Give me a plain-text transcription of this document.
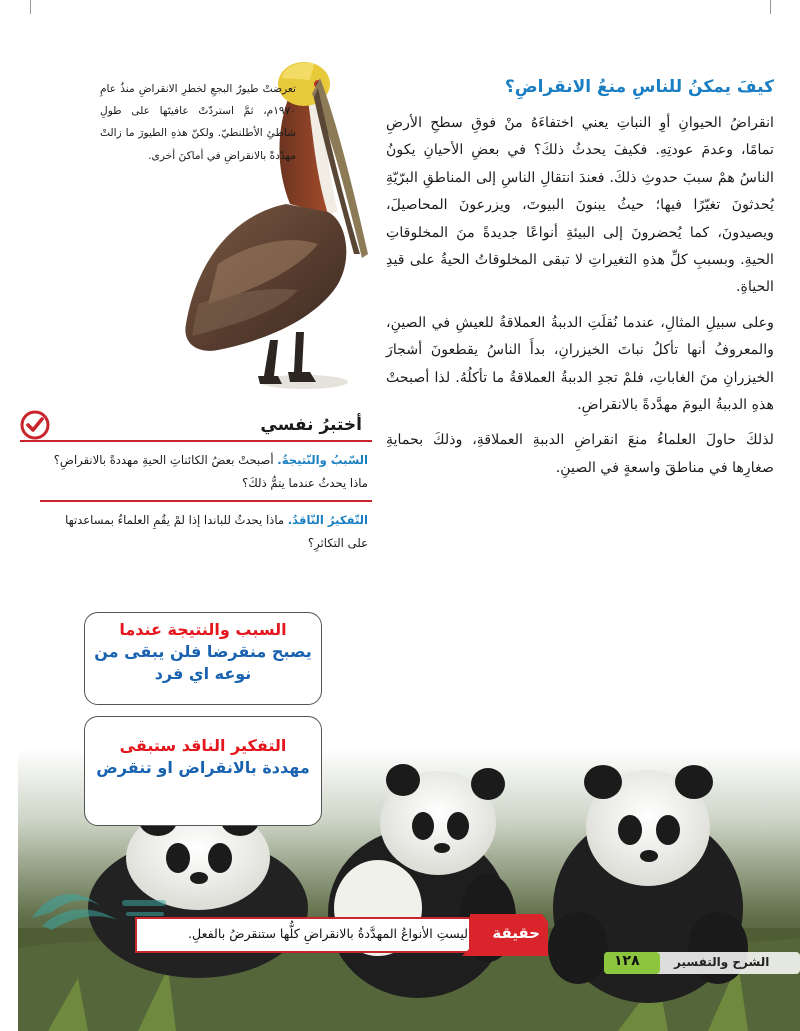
كيفَ يمكنُ للناسِ منعُ الانقراضِ؟

انقراضُ الحيوانِ أوِ النباتِ يعني اختفاءَهُ منْ فوقِ سطحِ الأرضِ تمامًا، وعدمَ عودتِهِ. فكيفَ يحدثُ ذلكَ؟ في بعضِ الأحيانِ يكونُ الناسُ همْ سببَ حدوثِ ذلكَ. فعندَ انتقالِ الناسِ إلى المناطقِ البرّيّةِ يُحدثونَ تغيّرًا فيها؛ حيثُ يبنونَ البيوتَ، ويزرعونَ المحاصيلَ، ويصيدونَ، كما يُحضرونَ إلى البيئةِ أنواعًا جديدةً منَ المخلوقاتِ الحيةِ. وبسببِ كلِّ هذهِ التغيراتِ لا تبقى المخلوقاتُ الحيةُ على قيدِ الحياةِ.

وعلى سبيلِ المثالِ، عندما نُقلَتِ الدببةُ العملاقةُ للعيشِ في الصينِ، والمعروفُ أنها تأكلُ نباتَ الخيزرانِ، بدأَ الناسُ يقطعونَ أشجارَ الخيزرانِ منَ الغاباتِ، فلمْ تجدِ الدببةُ العملاقةُ ما تأكلُهُ. لذا أصبحتْ هذهِ الدببةُ اليومَ مهدَّدةً بالانقراضِ.

لذلكَ حاولَ العلماءُ منعَ انقراضِ الدببةِ العملاقةِ، وذلكَ بحمايةِ صغارِها في مناطقَ واسعةٍ في الصينِ.

تعرضتْ طيورُ البجعِ لخطرِ الانقراضِ منذُ عامِ ١٩٧٠م، ثمَّ استردّتْ عافيتَها على طولِ شاطئِ الأطلنطيّ. ولكنّ هذهِ الطيورَ ما زالتْ مهدّدةً بالانقراضِ في أماكنَ أخرى.

أختبرُ نفسي

السّببُ والنّتيجةُ. أصبحتْ بعضُ الكائناتِ الحيةِ مهددةً بالانقراضِ؟ ماذا يحدثُ عندما يتمُّ ذلكَ؟

التّفكيرُ النّاقدُ. ماذا يحدثُ للباندا إذا لمْ يقُمِ العلماءُ بمساعدتها على التكاثرِ؟

السبب والنتيجة عندما
يصبح منقرضا فلن يبقى من نوعه اي فرد
التفكير الناقد ستبقى
مهددة بالانقراض او تنقرض
حقيقة
ليستِ الأنواعُ المهدَّدةُ بالانقراضِ كلُّها ستنقرضُ بالفعلِ.
١٢٨	الشرح والتفسير
